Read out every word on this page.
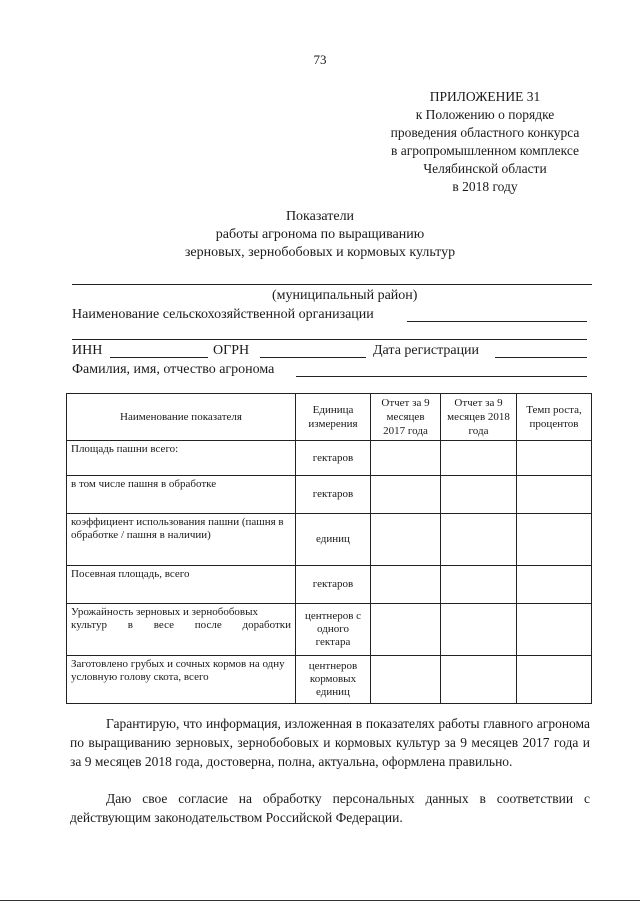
73
ПРИЛОЖЕНИЕ 31
к Положению о порядке
проведения областного конкурса
в агропромышленном комплексе
Челябинской области
в 2018 году
Показатели
работы агронома по выращиванию
зерновых, зернобобовых и кормовых культур
(муниципальный район)
Наименование сельскохозяйственной организации
ИНН	ОГРН	Дата регистрации
Фамилия, имя, отчество агронома
Наименование показателя	Единица измерения	Отчет за 9 месяцев 2017 года	Отчет за 9 месяцев 2018 года	Темп роста, процентов
Площадь пашни всего:	гектаров			
в том числе пашня в обработке	гектаров			
коэффициент использования пашни (пашня в обработке / пашня в наличии)	единиц			
Посевная площадь, всего	гектаров			
Урожайность зерновых и зернобобовых культур в весе после доработки	центнеров с одного гектара			
Заготовлено грубых и сочных кормов на одну условную голову скота, всего	центнеров кормовых единиц			
Гарантирую, что информация, изложенная в показателях работы главного агронома по выращиванию зерновых, зернобобовых и кормовых культур за 9 месяцев 2017 года и за 9 месяцев 2018 года, достоверна, полна, актуальна, оформлена правильно.
Даю свое согласие на обработку персональных данных в соответствии с действующим законодательством Российской Федерации.
